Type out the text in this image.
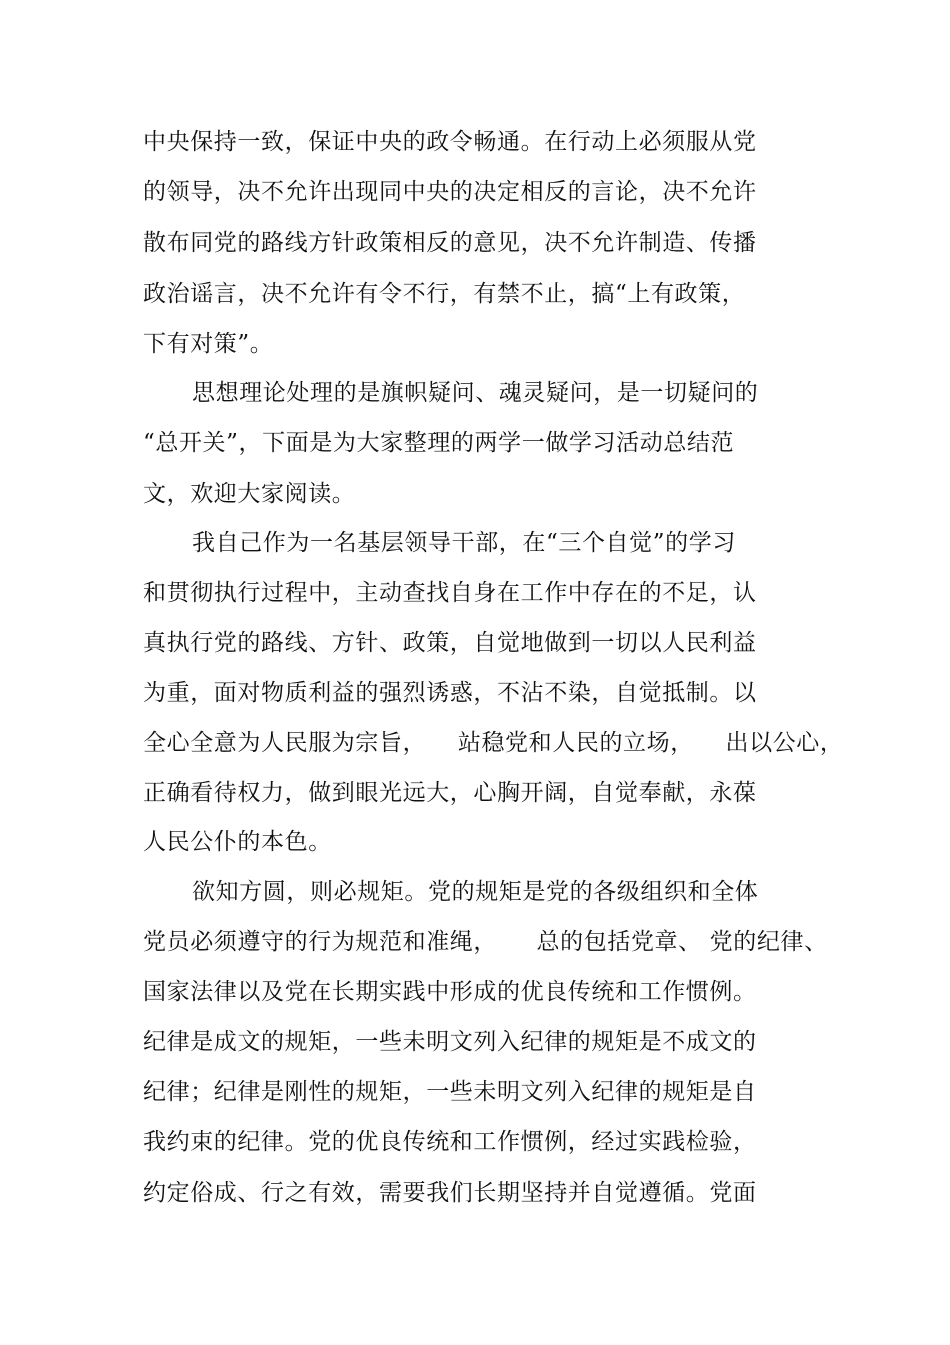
中央保持一致，保证中央的政令畅通。在行动上必须服从党
的领导，决不允许出现同中央的决定相反的言论，决不允许
散布同党的路线方针政策相反的意见，决不允许制造、传播
政治谣言，决不允许有令不行，有禁不止，搞“上有政策，
下有对策”。
思想理论处理的是旗帜疑问、魂灵疑问，是一切疑问的
“总开关”，下面是为大家整理的两学一做学习活动总结范
文，欢迎大家阅读。
我自己作为一名基层领导干部，在“三个自觉”的学习
和贯彻执行过程中，主动查找自身在工作中存在的不足，认
真执行党的路线、方针、政策，自觉地做到一切以人民利益
为重，面对物质利益的强烈诱惑，不沾不染，自觉抵制。以
全心全意为人民服为宗旨，    站稳党和人民的立场，    出以公心，
正确看待权力，做到眼光远大，心胸开阔，自觉奉献，永葆
人民公仆的本色。
欲知方圆，则必规矩。党的规矩是党的各级组织和全体
党员必须遵守的行为规范和准绳，     总的包括党章、 党的纪律、
国家法律以及党在长期实践中形成的优良传统和工作惯例。
纪律是成文的规矩，一些未明文列入纪律的规矩是不成文的
纪律；纪律是刚性的规矩，一些未明文列入纪律的规矩是自
我约束的纪律。党的优良传统和工作惯例，经过实践检验，
约定俗成、行之有效，需要我们长期坚持并自觉遵循。党面
